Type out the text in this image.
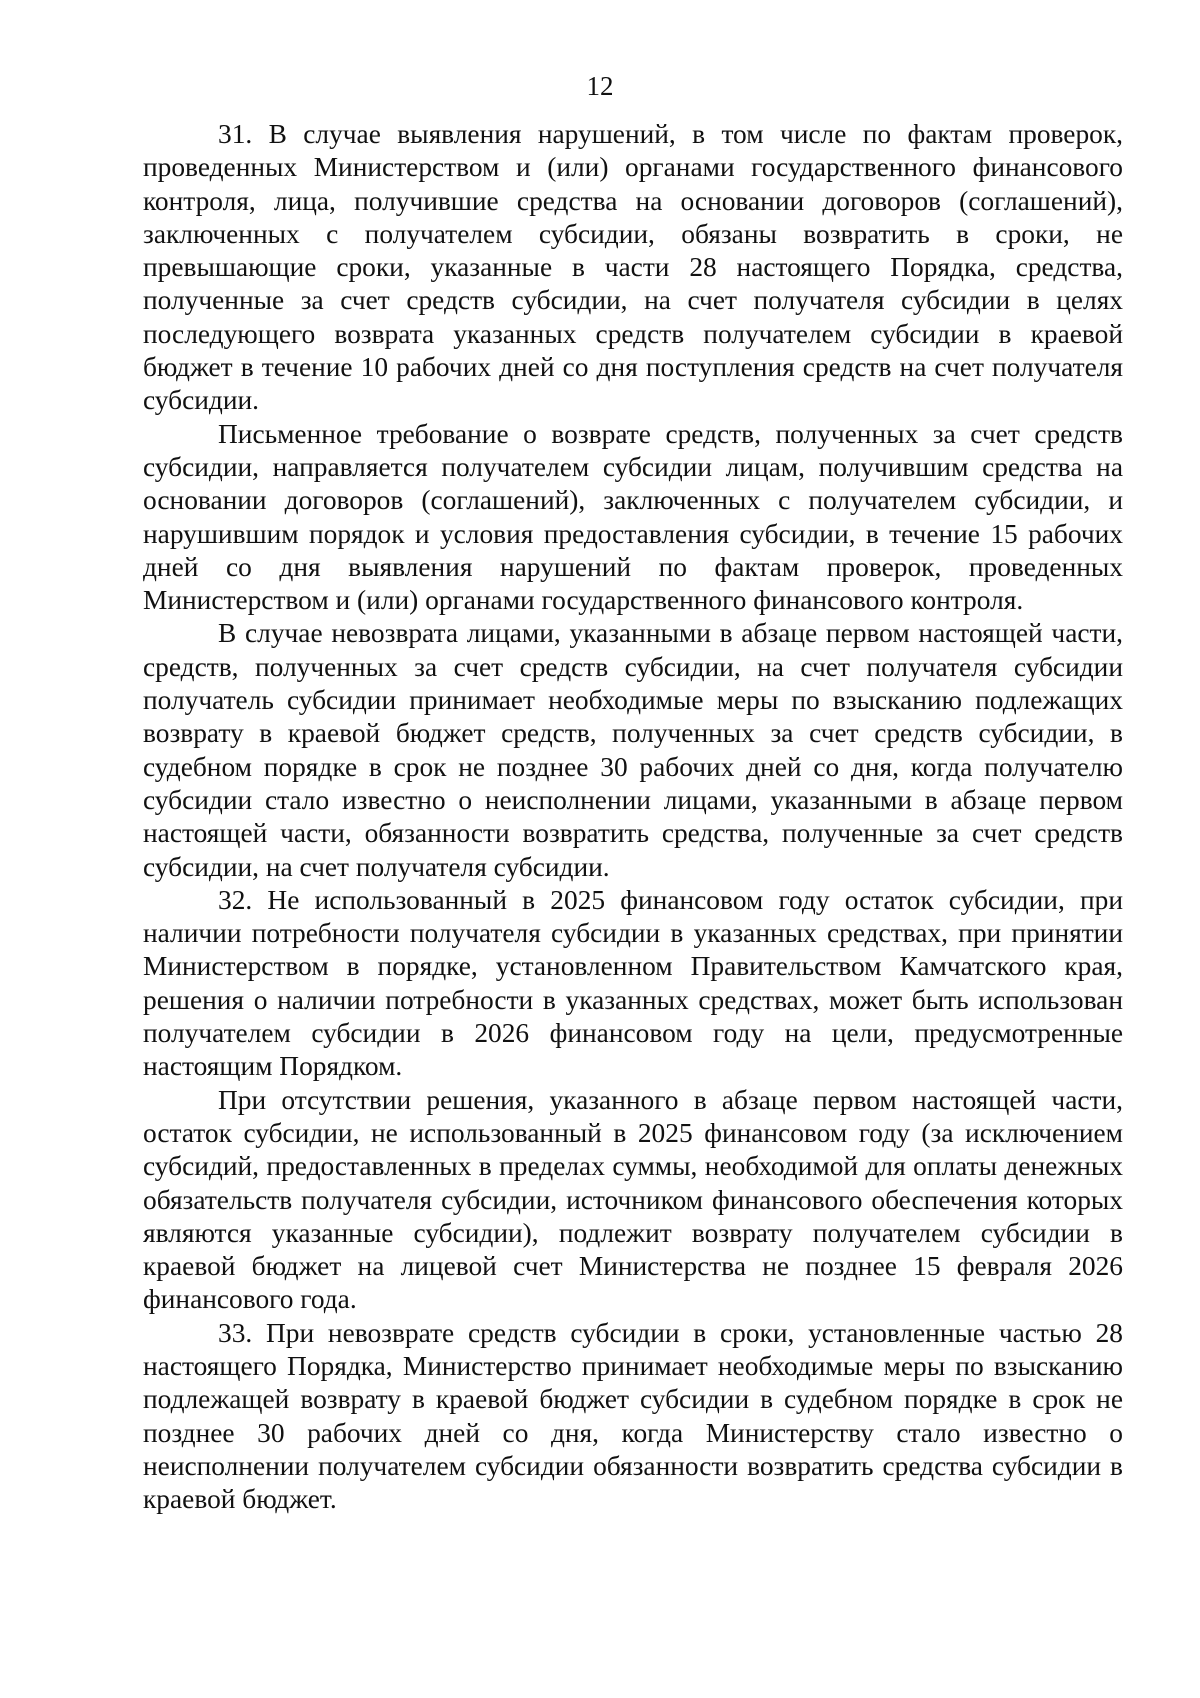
12

31. В случае выявления нарушений, в том числе по фактам проверок, проведенных Министерством и (или) органами государственного финансового контроля, лица, получившие средства на основании договоров (соглашений), заключенных с получателем субсидии, обязаны возвратить в сроки, не превышающие сроки, указанные в части 28 настоящего Порядка, средства, полученные за счет средств субсидии, на счет получателя субсидии в целях последующего возврата указанных средств получателем субсидии в краевой бюджет в течение 10 рабочих дней со дня поступления средств на счет получателя субсидии.

Письменное требование о возврате средств, полученных за счет средств субсидии, направляется получателем субсидии лицам, получившим средства на основании договоров (соглашений), заключенных с получателем субсидии, и нарушившим порядок и условия предоставления субсидии, в течение 15 рабочих дней со дня выявления нарушений по фактам проверок, проведенных Министерством и (или) органами государственного финансового контроля.

В случае невозврата лицами, указанными в абзаце первом настоящей части, средств, полученных за счет средств субсидии, на счет получателя субсидии получатель субсидии принимает необходимые меры по взысканию подлежащих возврату в краевой бюджет средств, полученных за счет средств субсидии, в судебном порядке в срок не позднее 30 рабочих дней со дня, когда получателю субсидии стало известно о неисполнении лицами, указанными в абзаце первом настоящей части, обязанности возвратить средства, полученные за счет средств субсидии, на счет получателя субсидии.

32. Не использованный в 2025 финансовом году остаток субсидии, при наличии потребности получателя субсидии в указанных средствах, при принятии Министерством в порядке, установленном Правительством Камчатского края, решения о наличии потребности в указанных средствах, может быть использован получателем субсидии в 2026 финансовом году на цели, предусмотренные настоящим Порядком.

При отсутствии решения, указанного в абзаце первом настоящей части, остаток субсидии, не использованный в 2025 финансовом году (за исключением субсидий, предоставленных в пределах суммы, необходимой для оплаты денежных обязательств получателя субсидии, источником финансового обеспечения которых являются указанные субсидии), подлежит возврату получателем субсидии в краевой бюджет на лицевой счет Министерства не позднее 15 февраля 2026 финансового года.

33. При невозврате средств субсидии в сроки, установленные частью 28 настоящего Порядка, Министерство принимает необходимые меры по взысканию подлежащей возврату в краевой бюджет субсидии в судебном порядке в срок не позднее 30 рабочих дней со дня, когда Министерству стало известно о неисполнении получателем субсидии обязанности возвратить средства субсидии в краевой бюджет.
